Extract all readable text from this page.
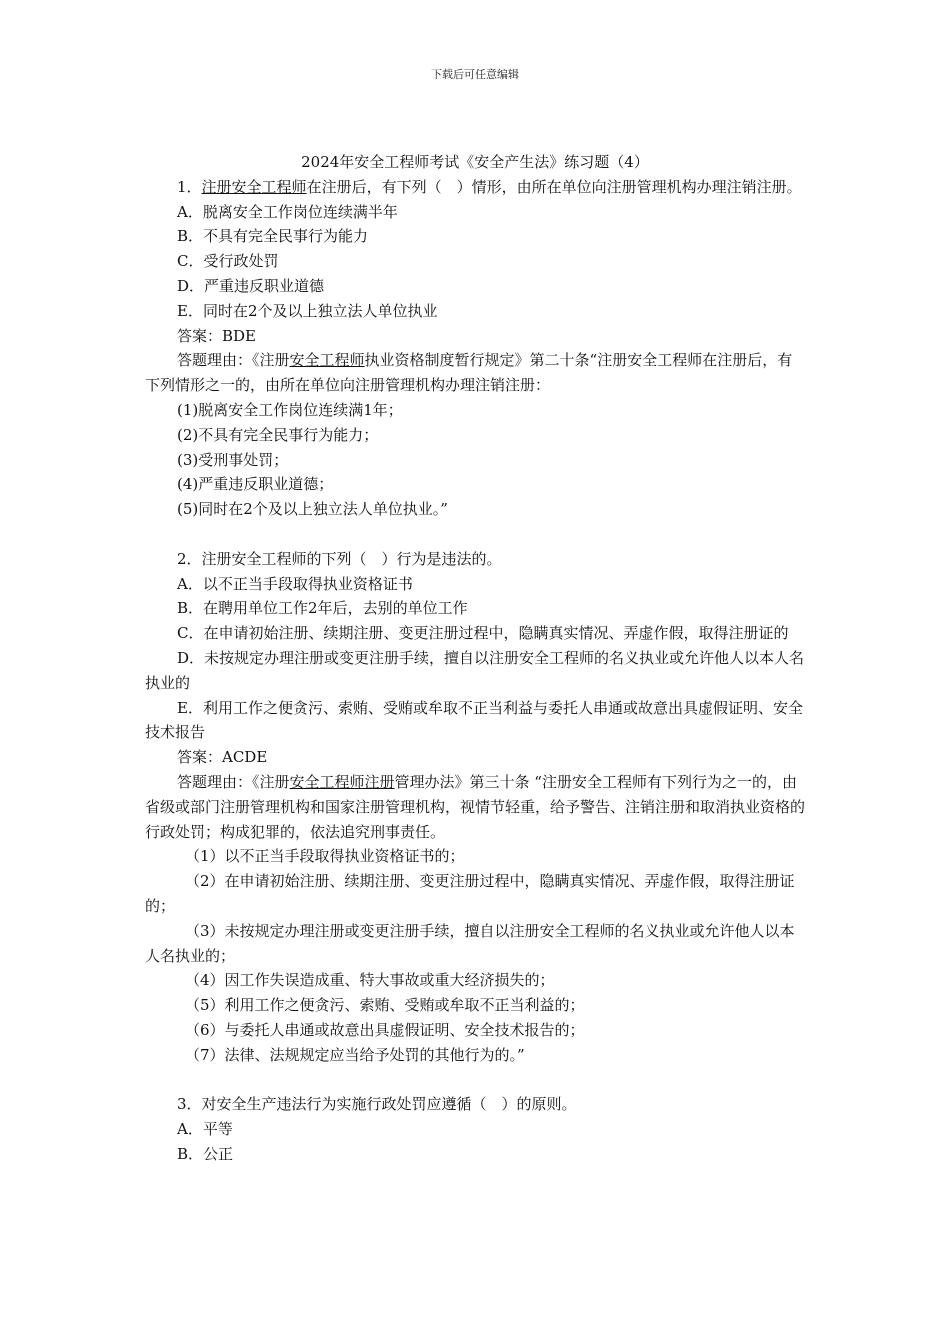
下载后可任意编辑

2024年安全工程师考试《安全产生法》练习题（4）

1．注册安全工程师在注册后，有下列（　）情形，由所在单位向注册管理机构办理注销注册。

A．脱离安全工作岗位连续满半年

B．不具有完全民事行为能力

C．受行政处罚

D．严重违反职业道德

E．同时在2个及以上独立法人单位执业

答案：BDE

答题理由：《注册安全工程师执业资格制度暂行规定》第二十条“注册安全工程师在注册后，有下列情形之一的，由所在单位向注册管理机构办理注销注册：

(1)脱离安全工作岗位连续满1年；

(2)不具有完全民事行为能力；

(3)受刑事处罚；

(4)严重违反职业道德；

(5)同时在2个及以上独立法人单位执业。”

2．注册安全工程师的下列（　）行为是违法的。

A．以不正当手段取得执业资格证书

B．在聘用单位工作2年后，去别的单位工作

C．在申请初始注册、续期注册、变更注册过程中，隐瞒真实情况、弄虚作假，取得注册证的

D．未按规定办理注册或变更注册手续，擅自以注册安全工程师的名义执业或允许他人以本人名执业的

E．利用工作之便贪污、索贿、受贿或牟取不正当利益与委托人串通或故意出具虚假证明、安全技术报告

答案：ACDE

答题理由：《注册安全工程师注册管理办法》第三十条 “注册安全工程师有下列行为之一的，由省级或部门注册管理机构和国家注册管理机构，视情节轻重，给予警告、注销注册和取消执业资格的行政处罚；构成犯罪的，依法追究刑事责任。

（1）以不正当手段取得执业资格证书的；

（2）在申请初始注册、续期注册、变更注册过程中，隐瞒真实情况、弄虚作假，取得注册证的；

（3）未按规定办理注册或变更注册手续，擅自以注册安全工程师的名义执业或允许他人以本人名执业的；

（4）因工作失误造成重、特大事故或重大经济损失的；

（5）利用工作之便贪污、索贿、受贿或牟取不正当利益的；

（6）与委托人串通或故意出具虚假证明、安全技术报告的；

（7）法律、法规规定应当给予处罚的其他行为的。”

3．对安全生产违法行为实施行政处罚应遵循（　）的原则。

A．平等

B．公正
